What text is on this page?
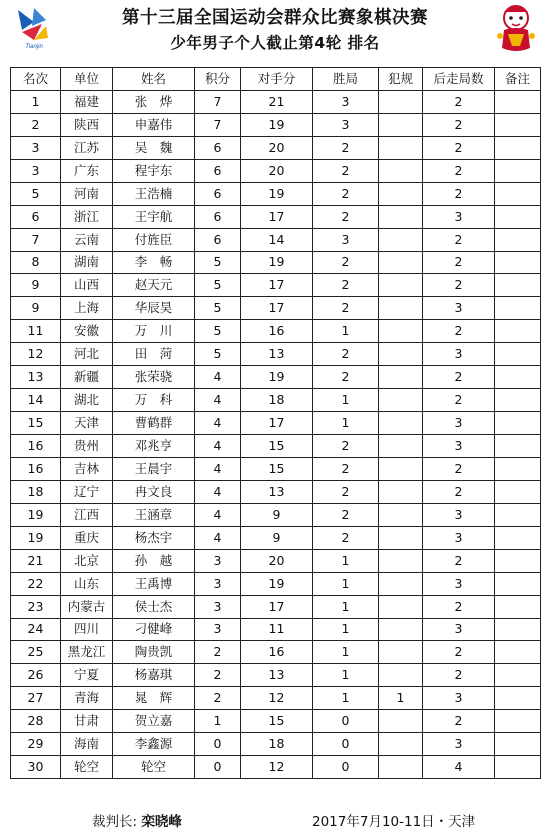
Tianjin
第十三届全国运动会群众比赛象棋决赛
少年男子个人截止第4轮 排名
名次	单位	姓名	积分	对手分	胜局	犯规	后走局数	备注
1	福建	张　烨	7	21	3		2	
2	陕西	申嘉伟	7	19	3		2	
3	江苏	吴　魏	6	20	2		2	
3	广东	程宇东	6	20	2		2	
5	河南	王浩楠	6	19	2		2	
6	浙江	王宇航	6	17	2		3	
7	云南	付旌臣	6	14	3		2	
8	湖南	李　畅	5	19	2		2	
9	山西	赵天元	5	17	2		2	
9	上海	华辰昊	5	17	2		3	
11	安徽	万　川	5	16	1		2	
12	河北	田　菏	5	13	2		3	
13	新疆	张荣骁	4	19	2		2	
14	湖北	万　科	4	18	1		2	
15	天津	曹鹤群	4	17	1		3	
16	贵州	邓兆亨	4	15	2		3	
16	吉林	王晨宇	4	15	2		2	
18	辽宁	冉文良	4	13	2		2	
19	江西	王涵章	4	9	2		3	
19	重庆	杨杰宇	4	9	2		3	
21	北京	孙　越	3	20	1		2	
22	山东	王禹博	3	19	1		3	
23	内蒙古	侯士杰	3	17	1		2	
24	四川	刁健峰	3	11	1		3	
25	黑龙江	陶贵凯	2	16	1		2	
26	宁夏	杨嘉琪	2	13	1		2	
27	青海	晁　辉	2	12	1	1	3	
28	甘肃	贺立嘉	1	15	0		2	
29	海南	李鑫源	0	18	0		3	
30	轮空	轮空	0	12	0		4	
裁判长: 栾晓峰	2017年7月10-11日・天津
